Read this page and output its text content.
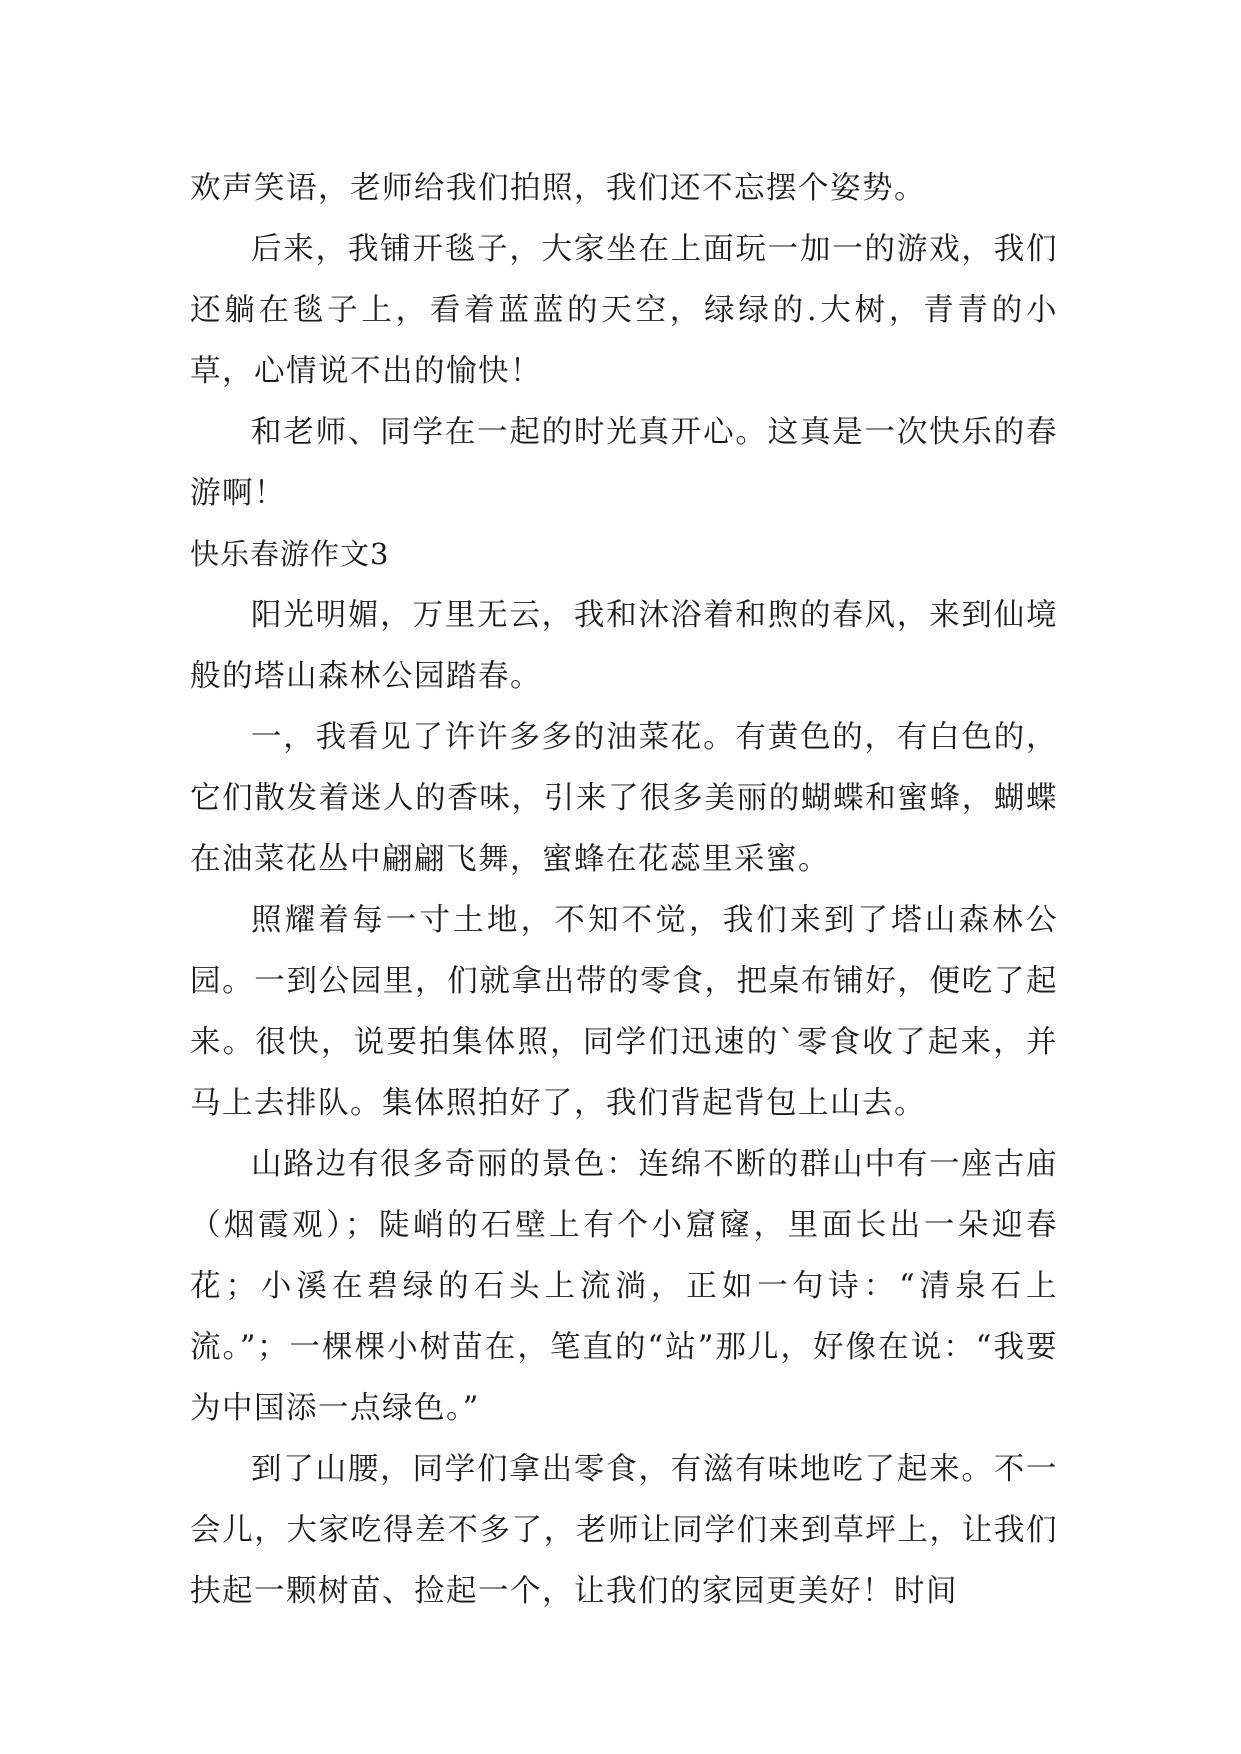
欢声笑语，老师给我们拍照，我们还不忘摆个姿势。

后来，我铺开毯子，大家坐在上面玩一加一的游戏，我们还躺在毯子上，看着蓝蓝的天空，绿绿的.大树，青青的小草，心情说不出的愉快！

和老师、同学在一起的时光真开心。这真是一次快乐的春游啊！

快乐春游作文3

阳光明媚，万里无云，我和沐浴着和煦的春风，来到仙境般的塔山森林公园踏春。

一，我看见了许许多多的油菜花。有黄色的，有白色的，它们散发着迷人的香味，引来了很多美丽的蝴蝶和蜜蜂，蝴蝶在油菜花丛中翩翩飞舞，蜜蜂在花蕊里采蜜。

照耀着每一寸土地，不知不觉，我们来到了塔山森林公园。一到公园里，们就拿出带的零食，把桌布铺好，便吃了起来。很快，说要拍集体照，同学们迅速的`零食收了起来，并马上去排队。集体照拍好了，我们背起背包上山去。

山路边有很多奇丽的景色：连绵不断的群山中有一座古庙（烟霞观）；陡峭的石壁上有个小窟窿，里面长出一朵迎春花；小溪在碧绿的石头上流淌，正如一句诗：“清泉石上流。”；一棵棵小树苗在，笔直的“站”那儿，好像在说：“我要为中国添一点绿色。”

到了山腰，同学们拿出零食，有滋有味地吃了起来。不一会儿，大家吃得差不多了，老师让同学们来到草坪上，让我们扶起一颗树苗、捡起一个，让我们的家园更美好！时间
